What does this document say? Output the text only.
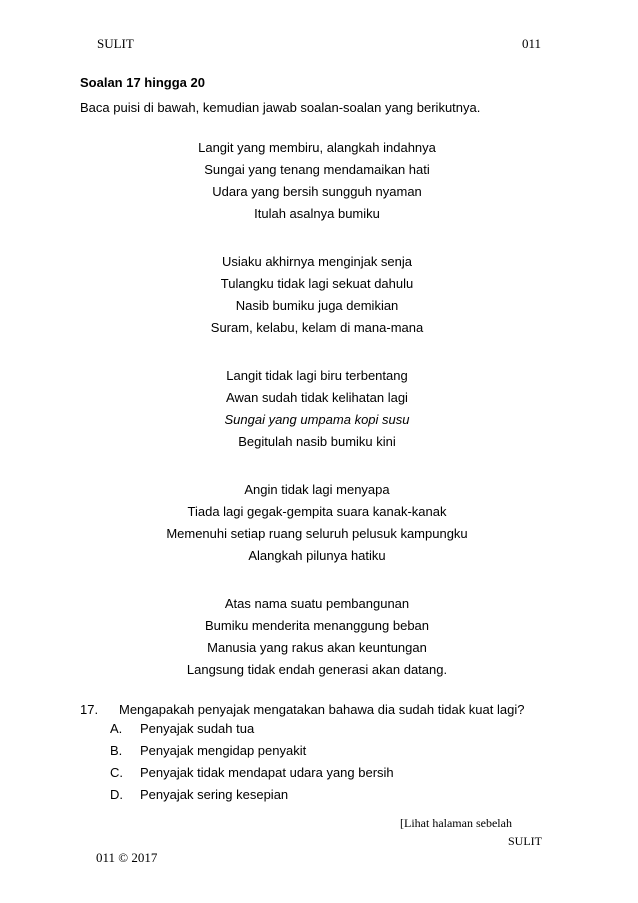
SULIT	011
Soalan 17 hingga 20
Baca puisi di bawah, kemudian jawab soalan-soalan yang berikutnya.
Langit yang membiru, alangkah indahnya
Sungai yang tenang mendamaikan hati
Udara yang bersih sungguh nyaman
Itulah asalnya bumiku
Usiaku akhirnya menginjak senja
Tulangku tidak lagi sekuat dahulu
Nasib bumiku juga demikian
Suram, kelabu, kelam di mana-mana
Langit tidak lagi biru terbentang
Awan sudah tidak kelihatan lagi
Sungai yang umpama kopi susu
Begitulah nasib bumiku kini
Angin tidak lagi menyapa
Tiada lagi gegak-gempita suara kanak-kanak
Memenuhi setiap ruang seluruh pelusuk kampungku
Alangkah pilunya hatiku
Atas nama suatu pembangunan
Bumiku menderita menanggung beban
Manusia yang rakus akan keuntungan
Langsung tidak endah generasi akan datang.
17. Mengapakah penyajak mengatakan bahawa dia sudah tidak kuat lagi?
A. Penyajak sudah tua
B. Penyajak mengidap penyakit
C. Penyajak tidak mendapat udara yang bersih
D. Penyajak sering kesepian
[Lihat halaman sebelah
SULIT
011 © 2017
